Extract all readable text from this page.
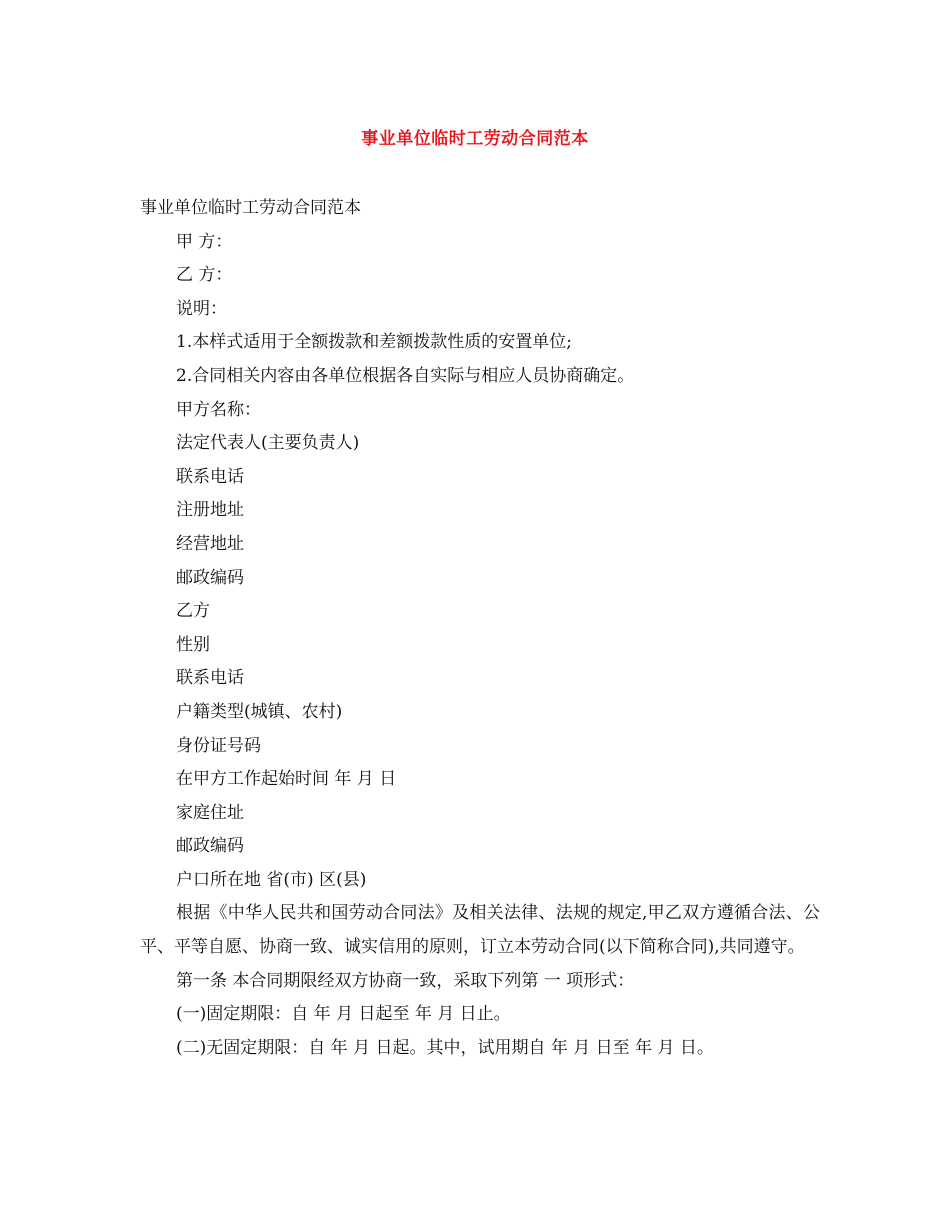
事业单位临时工劳动合同范本
事业单位临时工劳动合同范本
甲 方：
乙 方：
说明：
1.本样式适用于全额拨款和差额拨款性质的安置单位;
2.合同相关内容由各单位根据各自实际与相应人员协商确定。
甲方名称：
法定代表人(主要负责人)
联系电话
注册地址
经营地址
邮政编码
乙方
性别
联系电话
户籍类型(城镇、农村)
身份证号码
在甲方工作起始时间 年 月 日
家庭住址
邮政编码
户口所在地 省(市) 区(县)
根据《中华人民共和国劳动合同法》及相关法律、法规的规定,甲乙双方遵循合法、公平、平等自愿、协商一致、诚实信用的原则，订立本劳动合同(以下简称合同),共同遵守。
第一条 本合同期限经双方协商一致，采取下列第 一 项形式：
(一)固定期限：自 年 月 日起至 年 月 日止。
(二)无固定期限：自 年 月 日起。其中，试用期自 年 月 日至 年 月 日。
